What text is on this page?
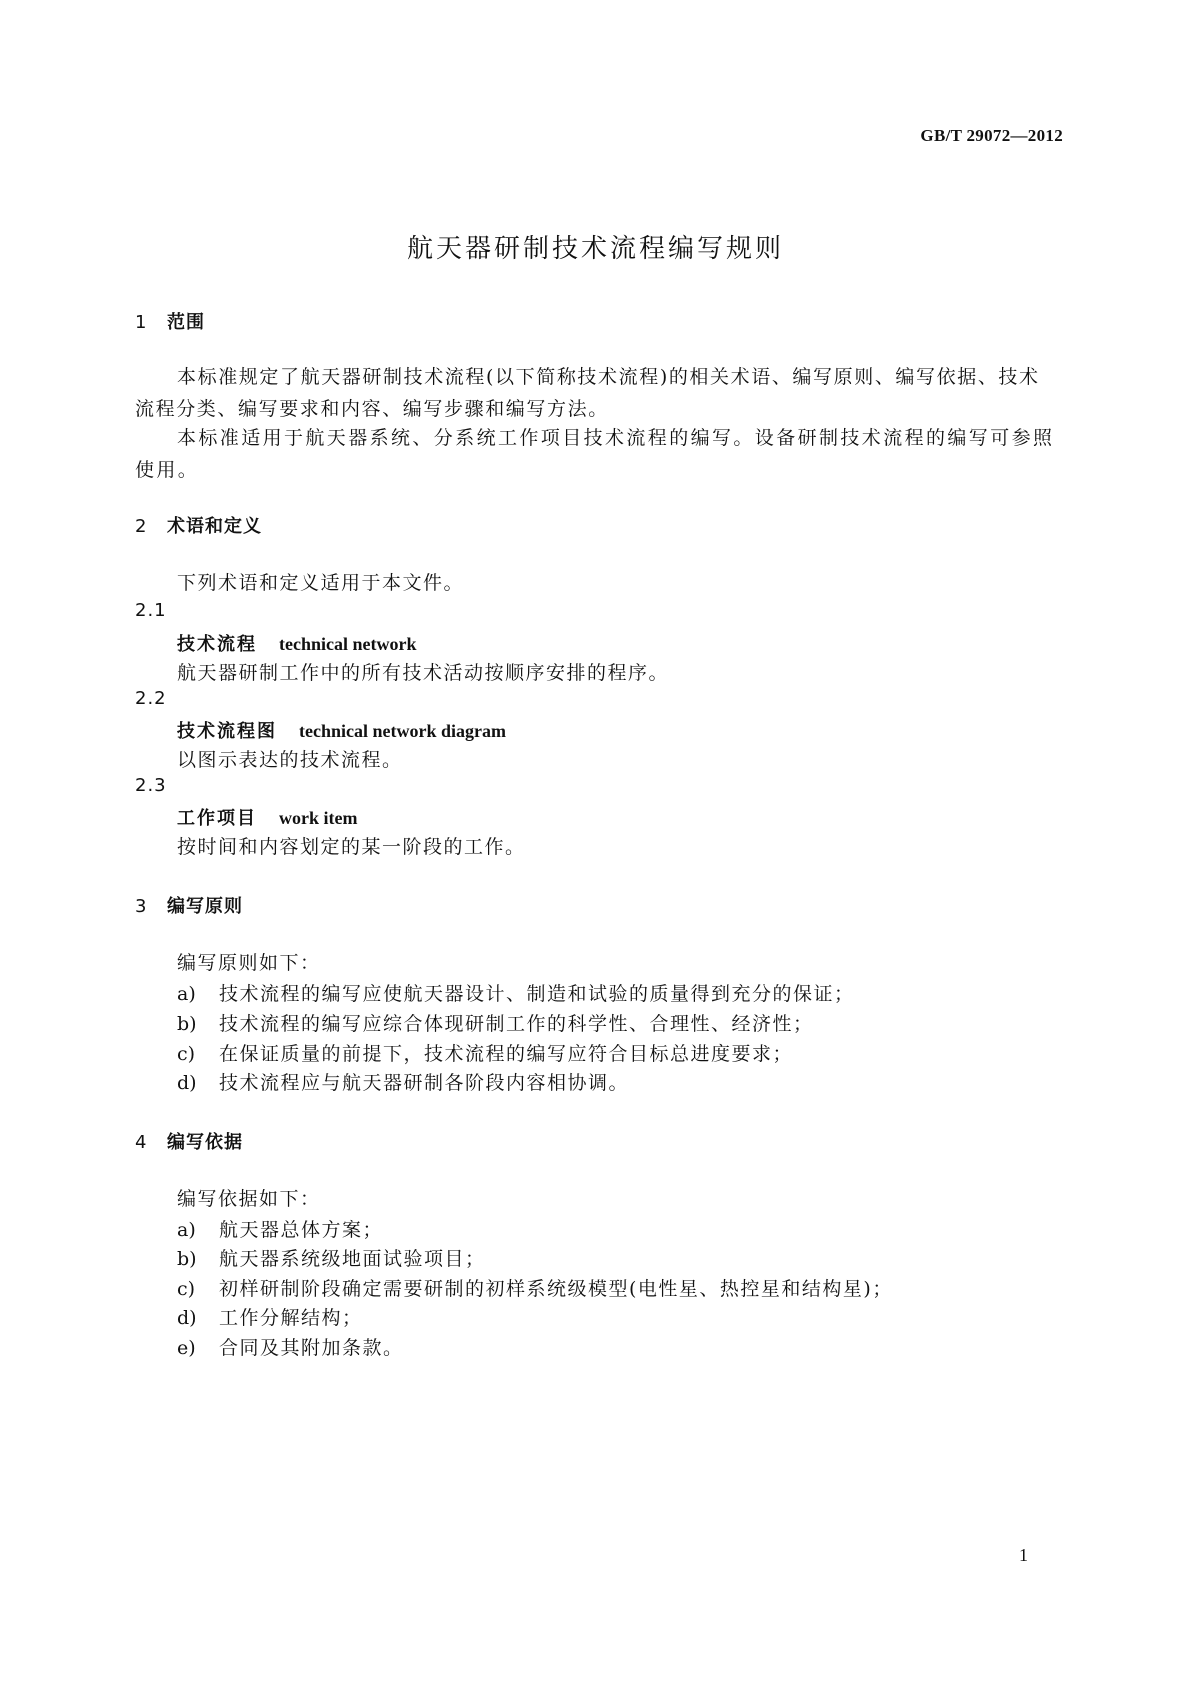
GB/T 29072—2012
航天器研制技术流程编写规则
1 范围
本标准规定了航天器研制技术流程(以下简称技术流程)的相关术语、编写原则、编写依据、技术流程分类、编写要求和内容、编写步骤和编写方法。
本标准适用于航天器系统、分系统工作项目技术流程的编写。设备研制技术流程的编写可参照使用。
2 术语和定义
下列术语和定义适用于本文件。
2.1
技术流程 technical network
航天器研制工作中的所有技术活动按顺序安排的程序。
2.2
技术流程图 technical network diagram
以图示表达的技术流程。
2.3
工作项目 work item
按时间和内容划定的某一阶段的工作。
3 编写原则
编写原则如下：
a) 技术流程的编写应使航天器设计、制造和试验的质量得到充分的保证；
b) 技术流程的编写应综合体现研制工作的科学性、合理性、经济性；
c) 在保证质量的前提下，技术流程的编写应符合目标总进度要求；
d) 技术流程应与航天器研制各阶段内容相协调。
4 编写依据
编写依据如下：
a) 航天器总体方案；
b) 航天器系统级地面试验项目；
c) 初样研制阶段确定需要研制的初样系统级模型(电性星、热控星和结构星)；
d) 工作分解结构；
e) 合同及其附加条款。
1
